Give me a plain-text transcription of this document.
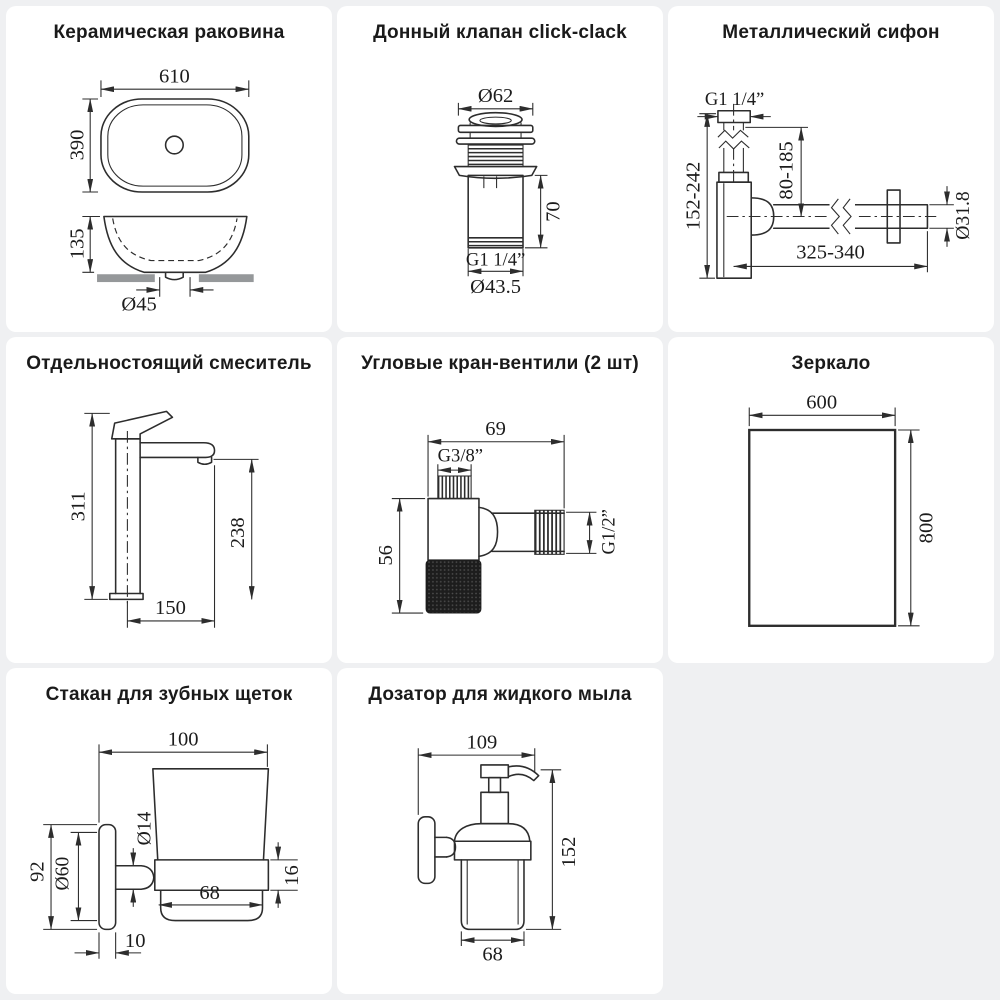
Керамическая раковина
610
390
135
Ø45
Донный клапан click-clack
Ø62
70
G1 1/4”
Ø43.5
Металлический сифон
G1 1/4”
152-242	80-185
325-340
Ø31.8
Отдельностоящий смеситель
311
238
150
Угловые кран-вентили (2 шт)
69
G3/8”
56
G1/2”
Зеркало
600
800
Стакан для зубных щеток
100
92 Ø60
Ø14
16
68
10
Дозатор для жидкого мыла
109
152
68
